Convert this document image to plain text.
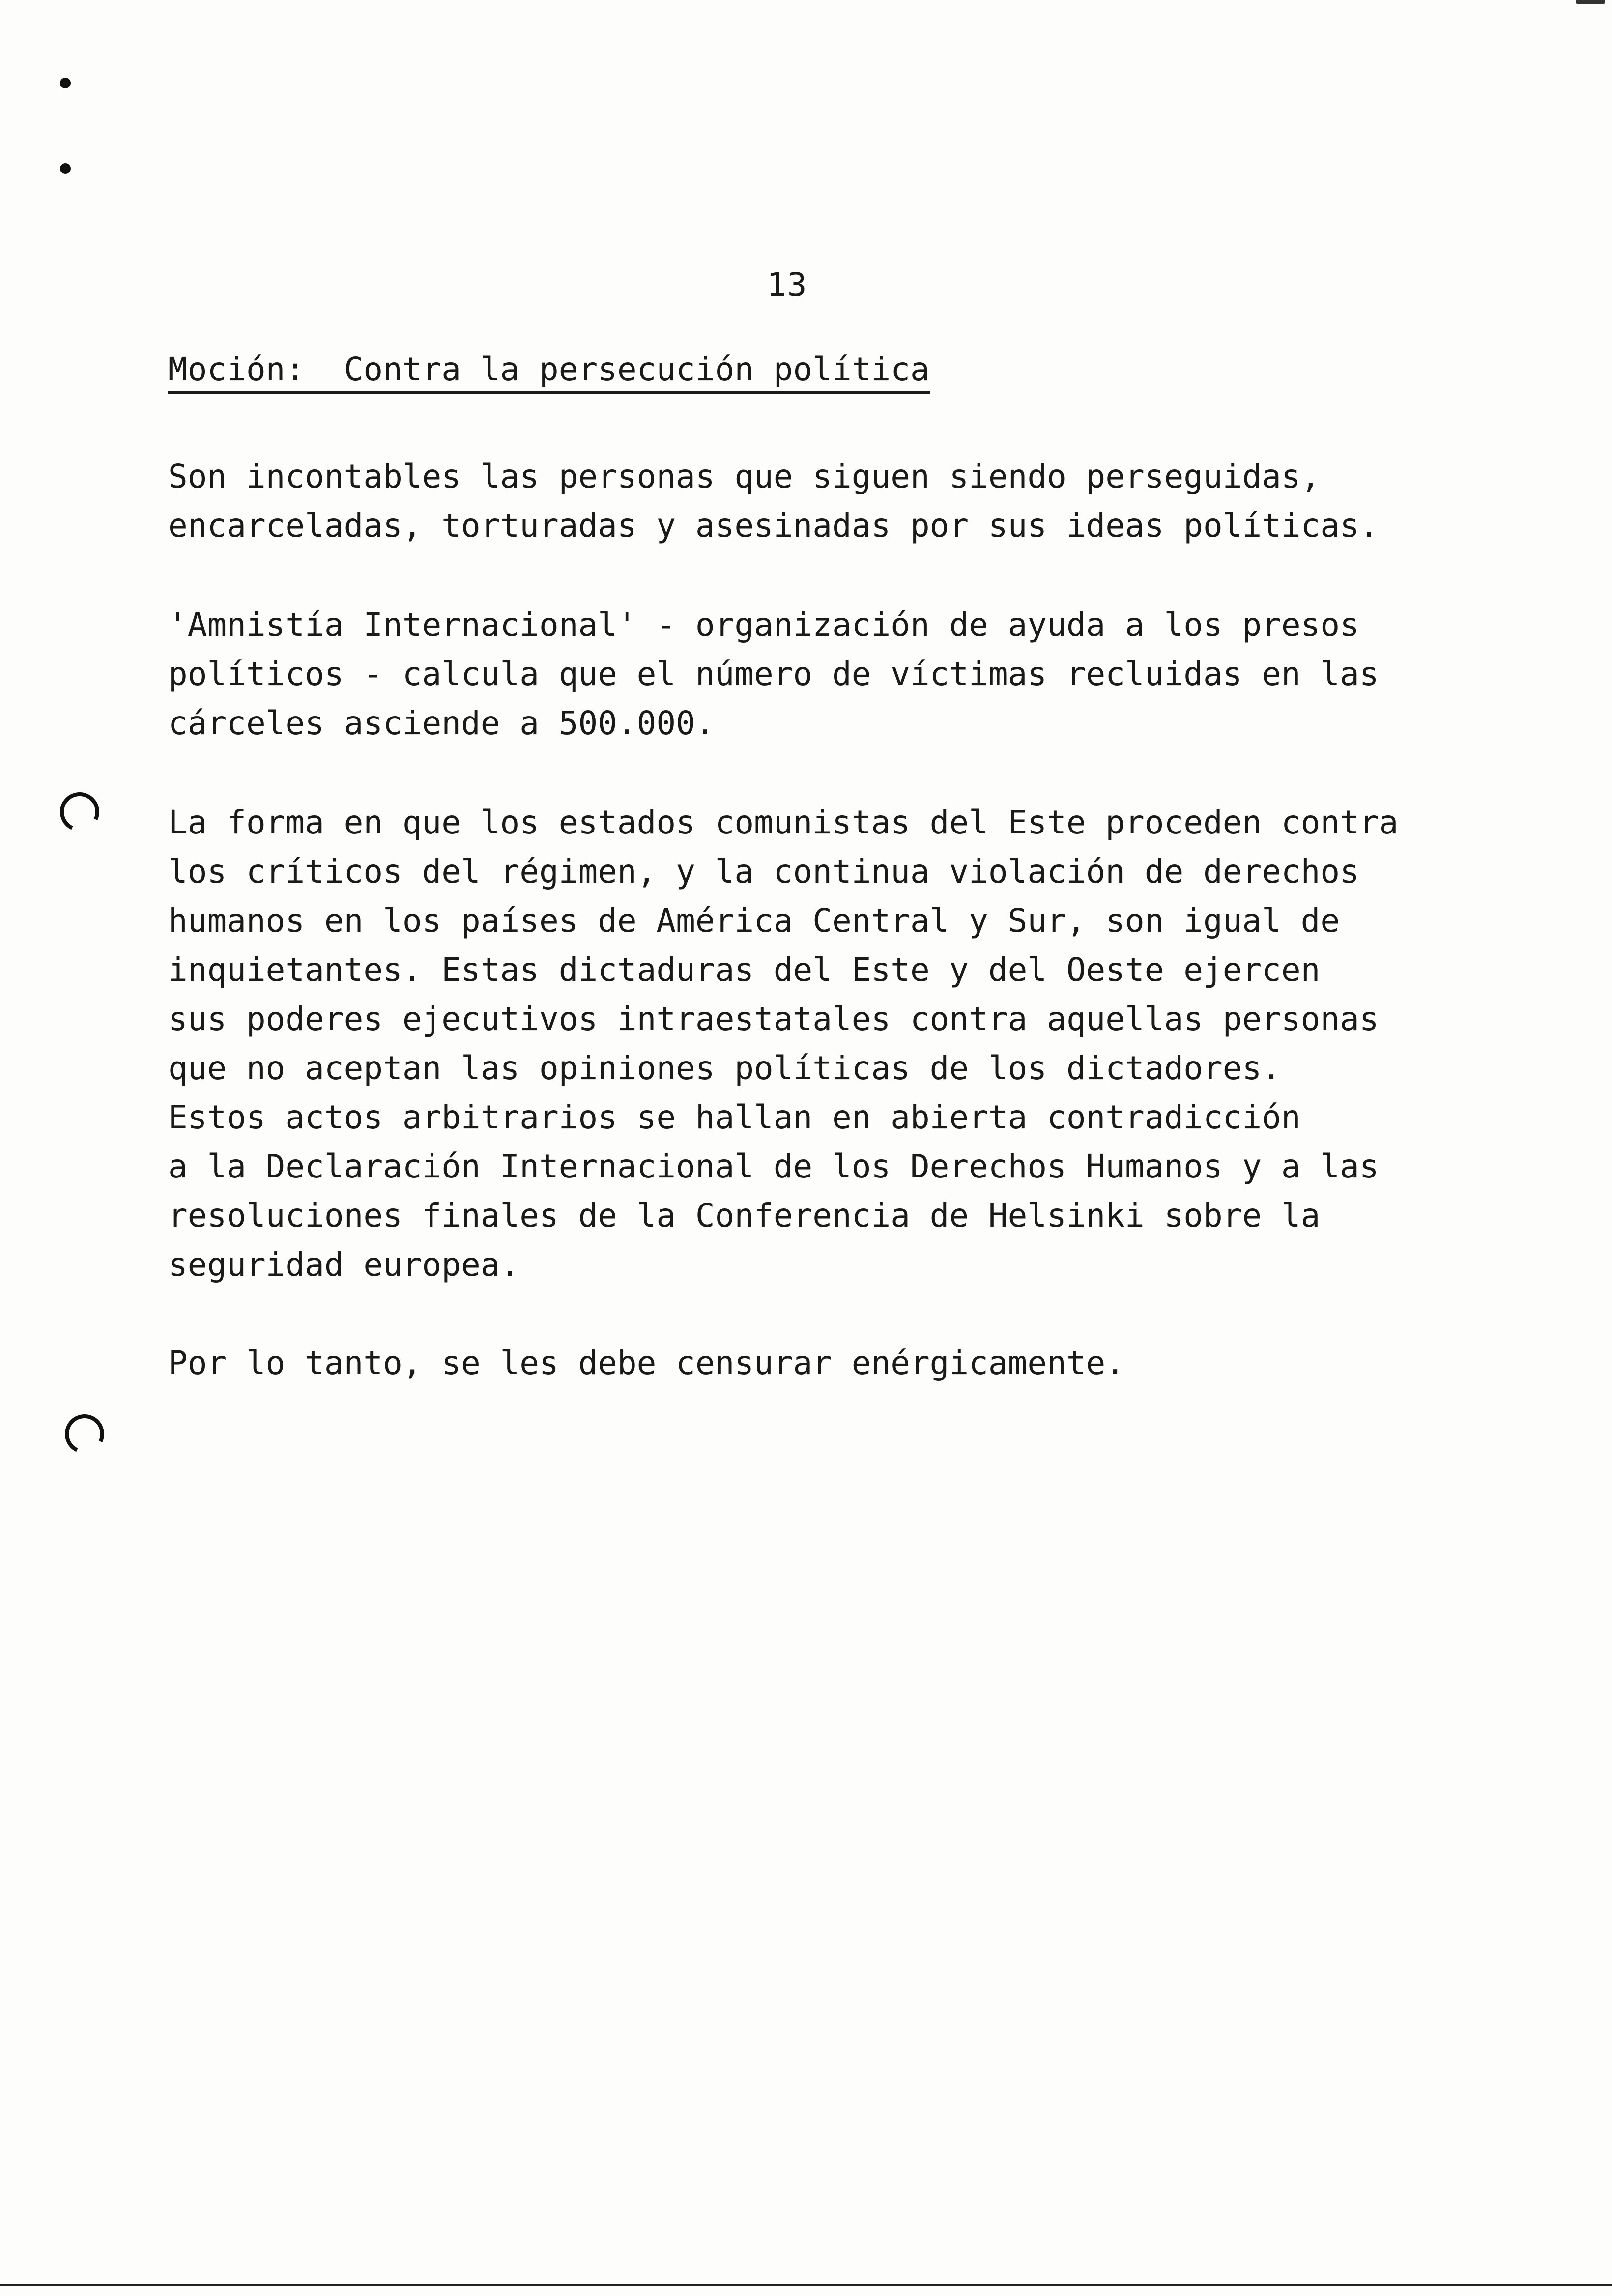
13
Moción:  Contra la persecución política
Son incontables las personas que siguen siendo perseguidas,
encarceladas, torturadas y asesinadas por sus ideas políticas.
'Amnistía Internacional' - organización de ayuda a los presos
políticos - calcula que el número de víctimas recluidas en las
cárceles asciende a 500.000.
La forma en que los estados comunistas del Este proceden contra
los críticos del régimen, y la continua violación de derechos
humanos en los países de América Central y Sur, son igual de
inquietantes. Estas dictaduras del Este y del Oeste ejercen
sus poderes ejecutivos intraestatales contra aquellas personas
que no aceptan las opiniones políticas de los dictadores.
Estos actos arbitrarios se hallan en abierta contradicción
a la Declaración Internacional de los Derechos Humanos y a las
resoluciones finales de la Conferencia de Helsinki sobre la
seguridad europea.
Por lo tanto, se les debe censurar enérgicamente.
